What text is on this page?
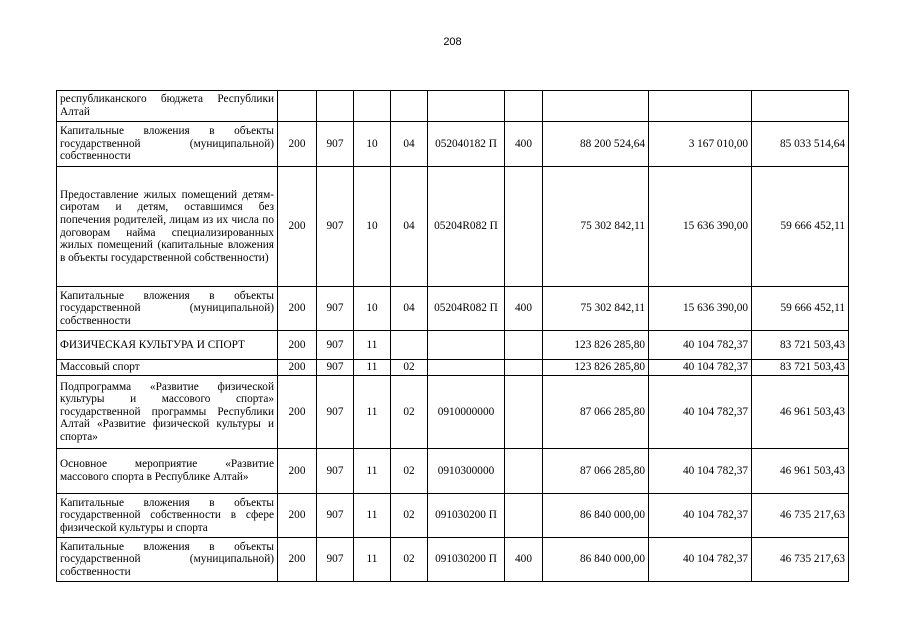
208
республиканского бюджета Республики Алтай									
Капитальные вложения в объекты государственной (муниципальной) собственности	200	907	10	04	052040182 П	400	88 200 524,64	3 167 010,00	85 033 514,64
Предоставление жилых помещений детям-сиротам и детям, оставшимся без попечения родителей, лицам из их числа по договорам найма специализированных жилых помещений (капитальные вложения в объекты государственной собственности)	200	907	10	04	05204R082 П		75 302 842,11	15 636 390,00	59 666 452,11
Капитальные вложения в объекты государственной (муниципальной) собственности	200	907	10	04	05204R082 П	400	75 302 842,11	15 636 390,00	59 666 452,11
ФИЗИЧЕСКАЯ КУЛЬТУРА И СПОРТ	200	907	11				123 826 285,80	40 104 782,37	83 721 503,43
Массовый спорт	200	907	11	02			123 826 285,80	40 104 782,37	83 721 503,43
Подпрограмма «Развитие физической культуры и массового спорта» государственной программы Республики Алтай «Развитие физической культуры и спорта»	200	907	11	02	0910000000		87 066 285,80	40 104 782,37	46 961 503,43
Основное мероприятие «Развитие массового спорта в Республике Алтай»	200	907	11	02	0910300000		87 066 285,80	40 104 782,37	46 961 503,43
Капитальные вложения в объекты государственной собственности в сфере физической культуры и спорта	200	907	11	02	091030200 П		86 840 000,00	40 104 782,37	46 735 217,63
Капитальные вложения в объекты государственной (муниципальной) собственности	200	907	11	02	091030200 П	400	86 840 000,00	40 104 782,37	46 735 217,63
